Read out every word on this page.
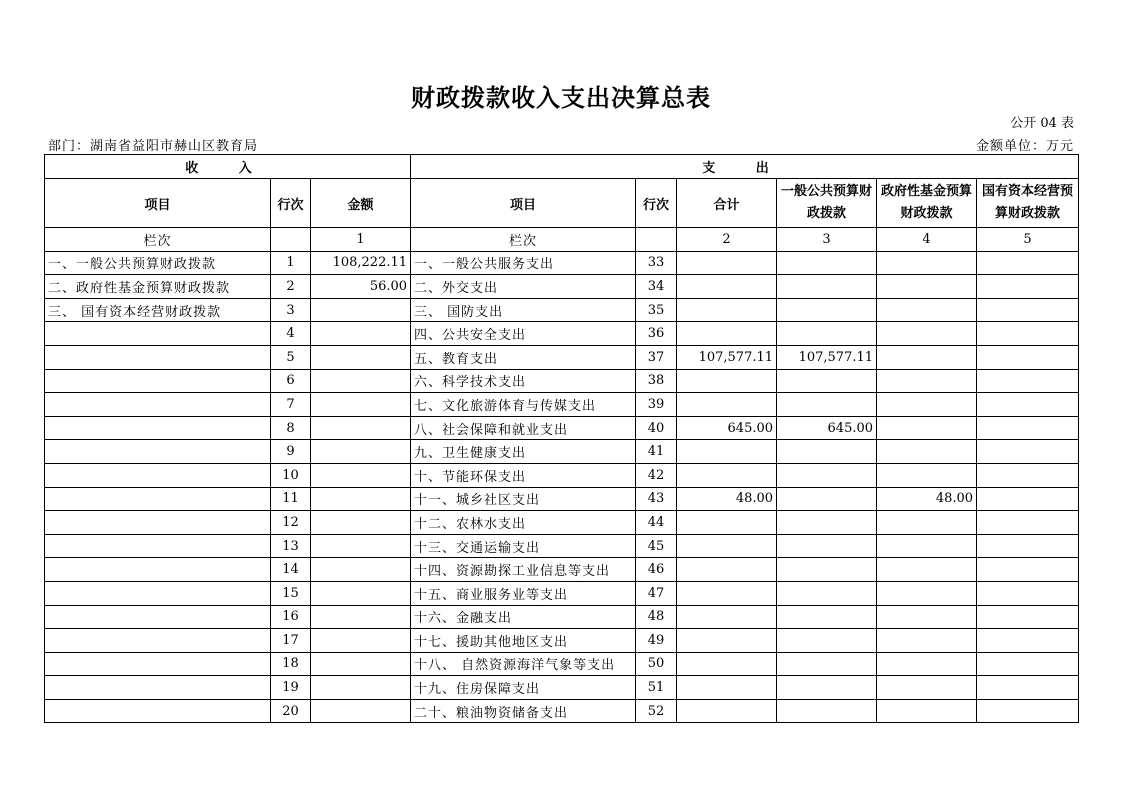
财政拨款收入支出决算总表
公开 04 表
部门：湖南省益阳市赫山区教育局	金额单位：万元
收 入			支 出					
项目	行次	金额	项目	行次	合计	一般公共预算财政拨款	政府性基金预算财政拨款	国有资本经营预算财政拨款
栏次		1	栏次		2	3	4	5
一、一般公共预算财政拨款	1	108,222.11	一、一般公共服务支出	33				
二、政府性基金预算财政拨款	2	56.00	二、外交支出	34				
三、 国有资本经营财政拨款	3		三、 国防支出	35				
	4		四、公共安全支出	36				
	5		五、教育支出	37	107,577.11	107,577.11		
	6		六、科学技术支出	38				
	7		七、文化旅游体育与传媒支出	39				
	8		八、社会保障和就业支出	40	645.00	645.00		
	9		九、卫生健康支出	41				
	10		十、节能环保支出	42				
	11		十一、城乡社区支出	43	48.00		48.00	
	12		十二、农林水支出	44				
	13		十三、交通运输支出	45				
	14		十四、资源勘探工业信息等支出	46				
	15		十五、商业服务业等支出	47				
	16		十六、金融支出	48				
	17		十七、援助其他地区支出	49				
	18		十八、 自然资源海洋气象等支出	50				
	19		十九、住房保障支出	51				
	20		二十、粮油物资储备支出	52				
